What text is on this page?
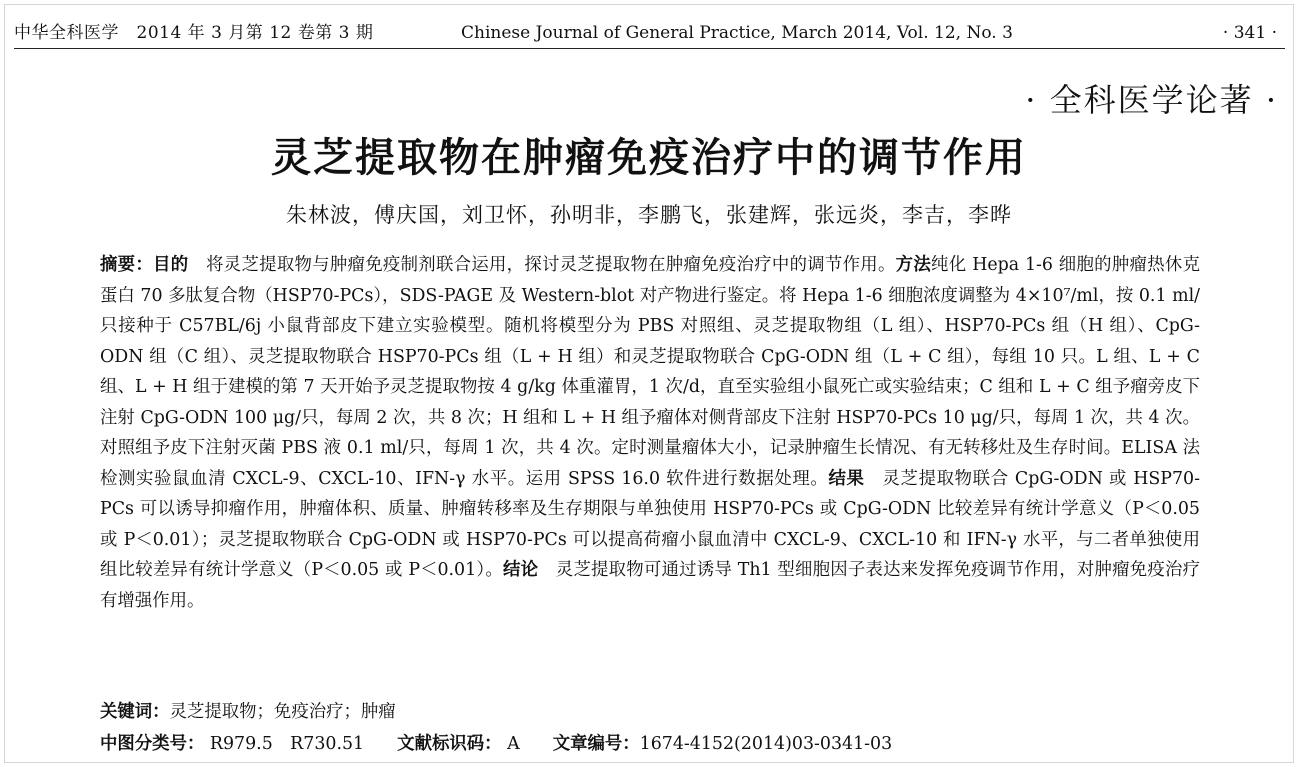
中华全科医学　2014 年 3 月第 12 卷第 3 期	Chinese Journal of General Practice, March 2014, Vol. 12, No. 3	· 341 ·
· 全科医学论著 ·
灵芝提取物在肿瘤免疫治疗中的调节作用
朱林波，傅庆国，刘卫怀，孙明非，李鹏飞，张建辉，张远炎，李吉，李晔

摘要：目的　将灵芝提取物与肿瘤免疫制剂联合运用，探讨灵芝提取物在肿瘤免疫治疗中的调节作用。方法纯化 Hepa 1-6 细胞的肿瘤热休克蛋白 70 多肽复合物（HSP70-PCs），SDS-PAGE 及 Western-blot 对产物进行鉴定。将 Hepa 1-6 细胞浓度调整为 4×10⁷/ml，按 0.1 ml/只接种于 C57BL/6j 小鼠背部皮下建立实验模型。随机将模型分为 PBS 对照组、灵芝提取物组（L 组）、HSP70-PCs 组（H 组）、CpG-ODN 组（C 组）、灵芝提取物联合 HSP70-PCs 组（L + H 组）和灵芝提取物联合 CpG-ODN 组（L + C 组），每组 10 只。L 组、L + C 组、L + H 组于建模的第 7 天开始予灵芝提取物按 4 g/kg 体重灌胃，1 次/d，直至实验组小鼠死亡或实验结束；C 组和 L + C 组予瘤旁皮下注射 CpG-ODN 100 μg/只，每周 2 次，共 8 次；H 组和 L + H 组予瘤体对侧背部皮下注射 HSP70-PCs 10 μg/只，每周 1 次，共 4 次。对照组予皮下注射灭菌 PBS 液 0.1 ml/只，每周 1 次，共 4 次。定时测量瘤体大小，记录肿瘤生长情况、有无转移灶及生存时间。ELISA 法检测实验鼠血清 CXCL-9、CXCL-10、IFN-γ 水平。运用 SPSS 16.0 软件进行数据处理。结果　灵芝提取物联合 CpG-ODN 或 HSP70-PCs 可以诱导抑瘤作用，肿瘤体积、质量、肿瘤转移率及生存期限与单独使用 HSP70-PCs 或 CpG-ODN 比较差异有统计学意义（P＜0.05 或 P＜0.01）；灵芝提取物联合 CpG-ODN 或 HSP70-PCs 可以提高荷瘤小鼠血清中 CXCL-9、CXCL-10 和 IFN-γ 水平，与二者单独使用组比较差异有统计学意义（P＜0.05 或 P＜0.01）。结论　灵芝提取物可通过诱导 Th1 型细胞因子表达来发挥免疫调节作用，对肿瘤免疫治疗有增强作用。

关键词：灵芝提取物；免疫治疗；肿瘤
中图分类号： R979.5　R730.51 文献标识码： A 文章编号：1674-4152(2014)03-0341-03
